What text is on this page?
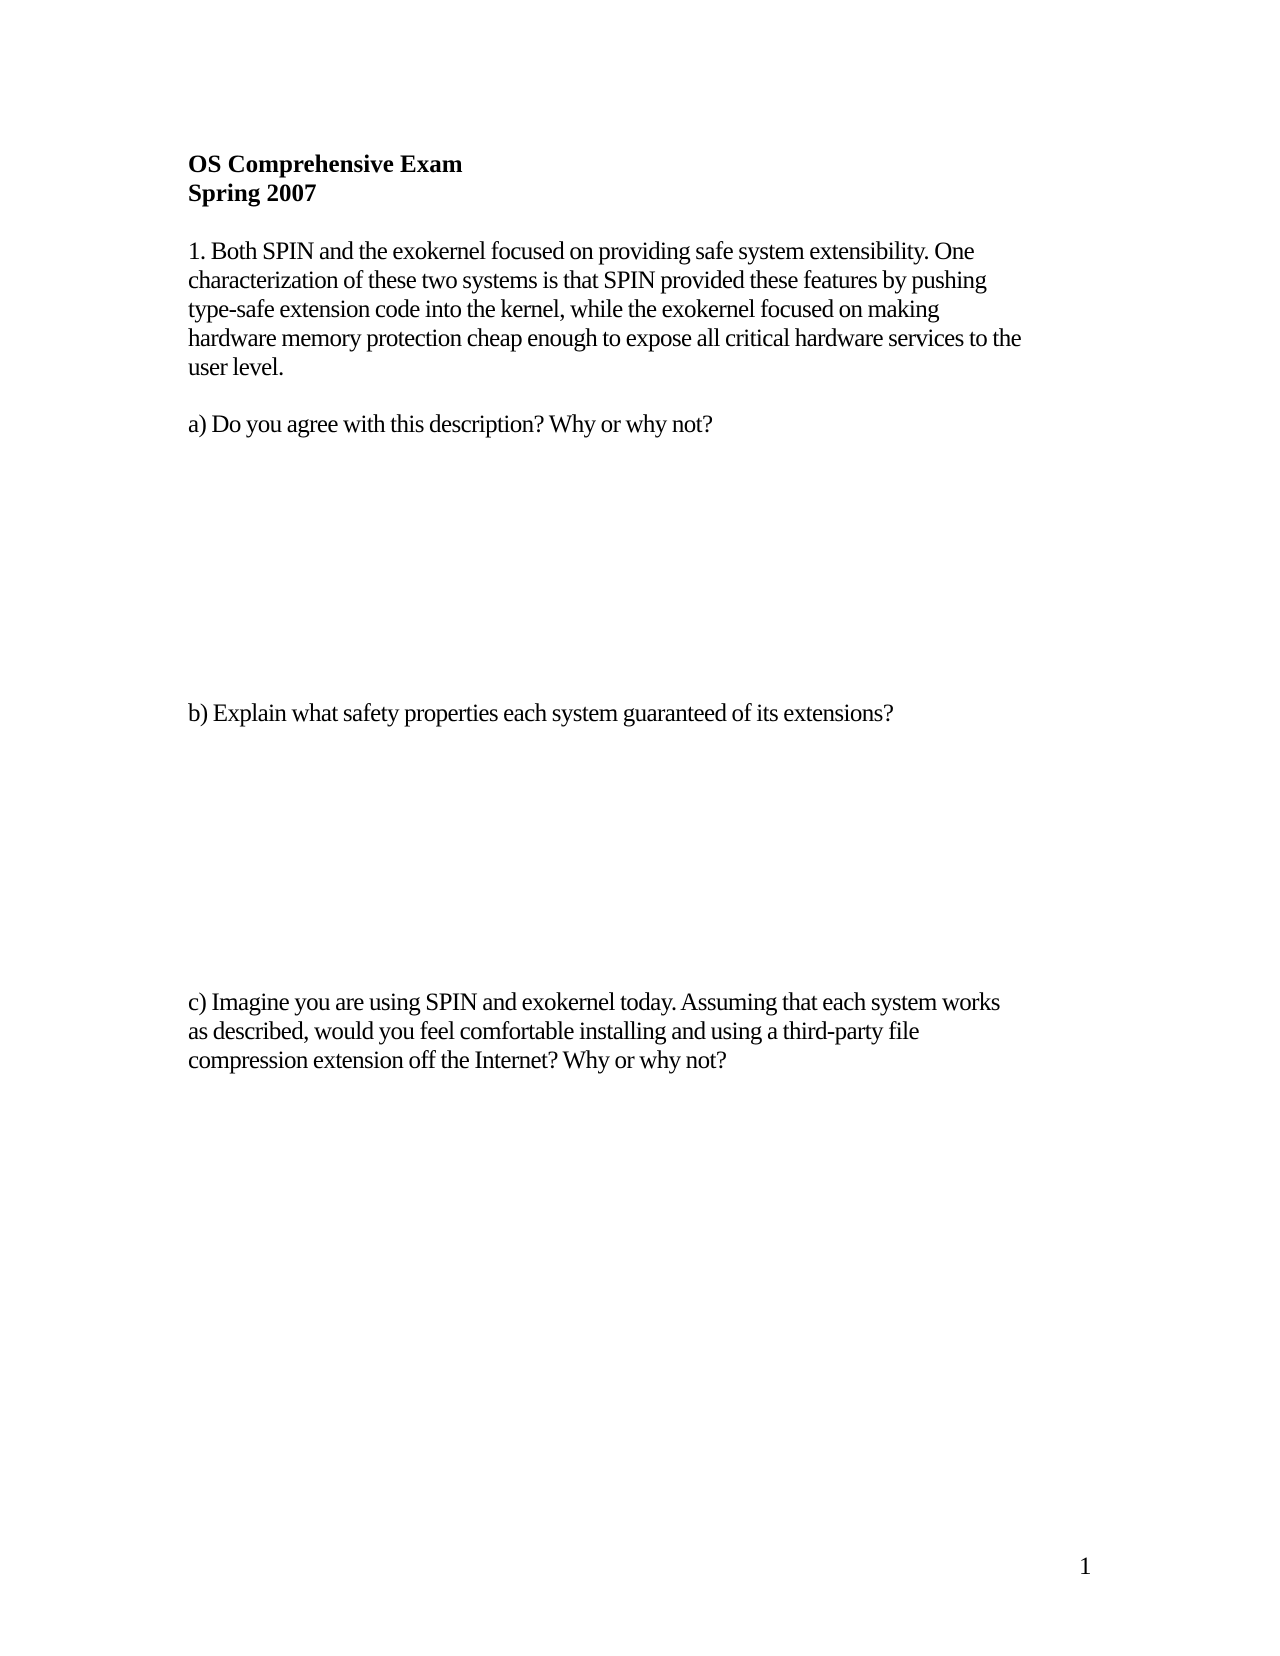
OS Comprehensive Exam
Spring 2007
1. Both SPIN and the exokernel focused on providing safe system extensibility. One
characterization of these two systems is that SPIN provided these features by pushing
type-safe extension code into the kernel, while the exokernel focused on making
hardware memory protection cheap enough to expose all critical hardware services to the
user level.
a) Do you agree with this description? Why or why not?
b) Explain what safety properties each system guaranteed of its extensions?
c) Imagine you are using SPIN and exokernel today. Assuming that each system works
as described, would you feel comfortable installing and using a third-party file
compression extension off the Internet? Why or why not?
1
